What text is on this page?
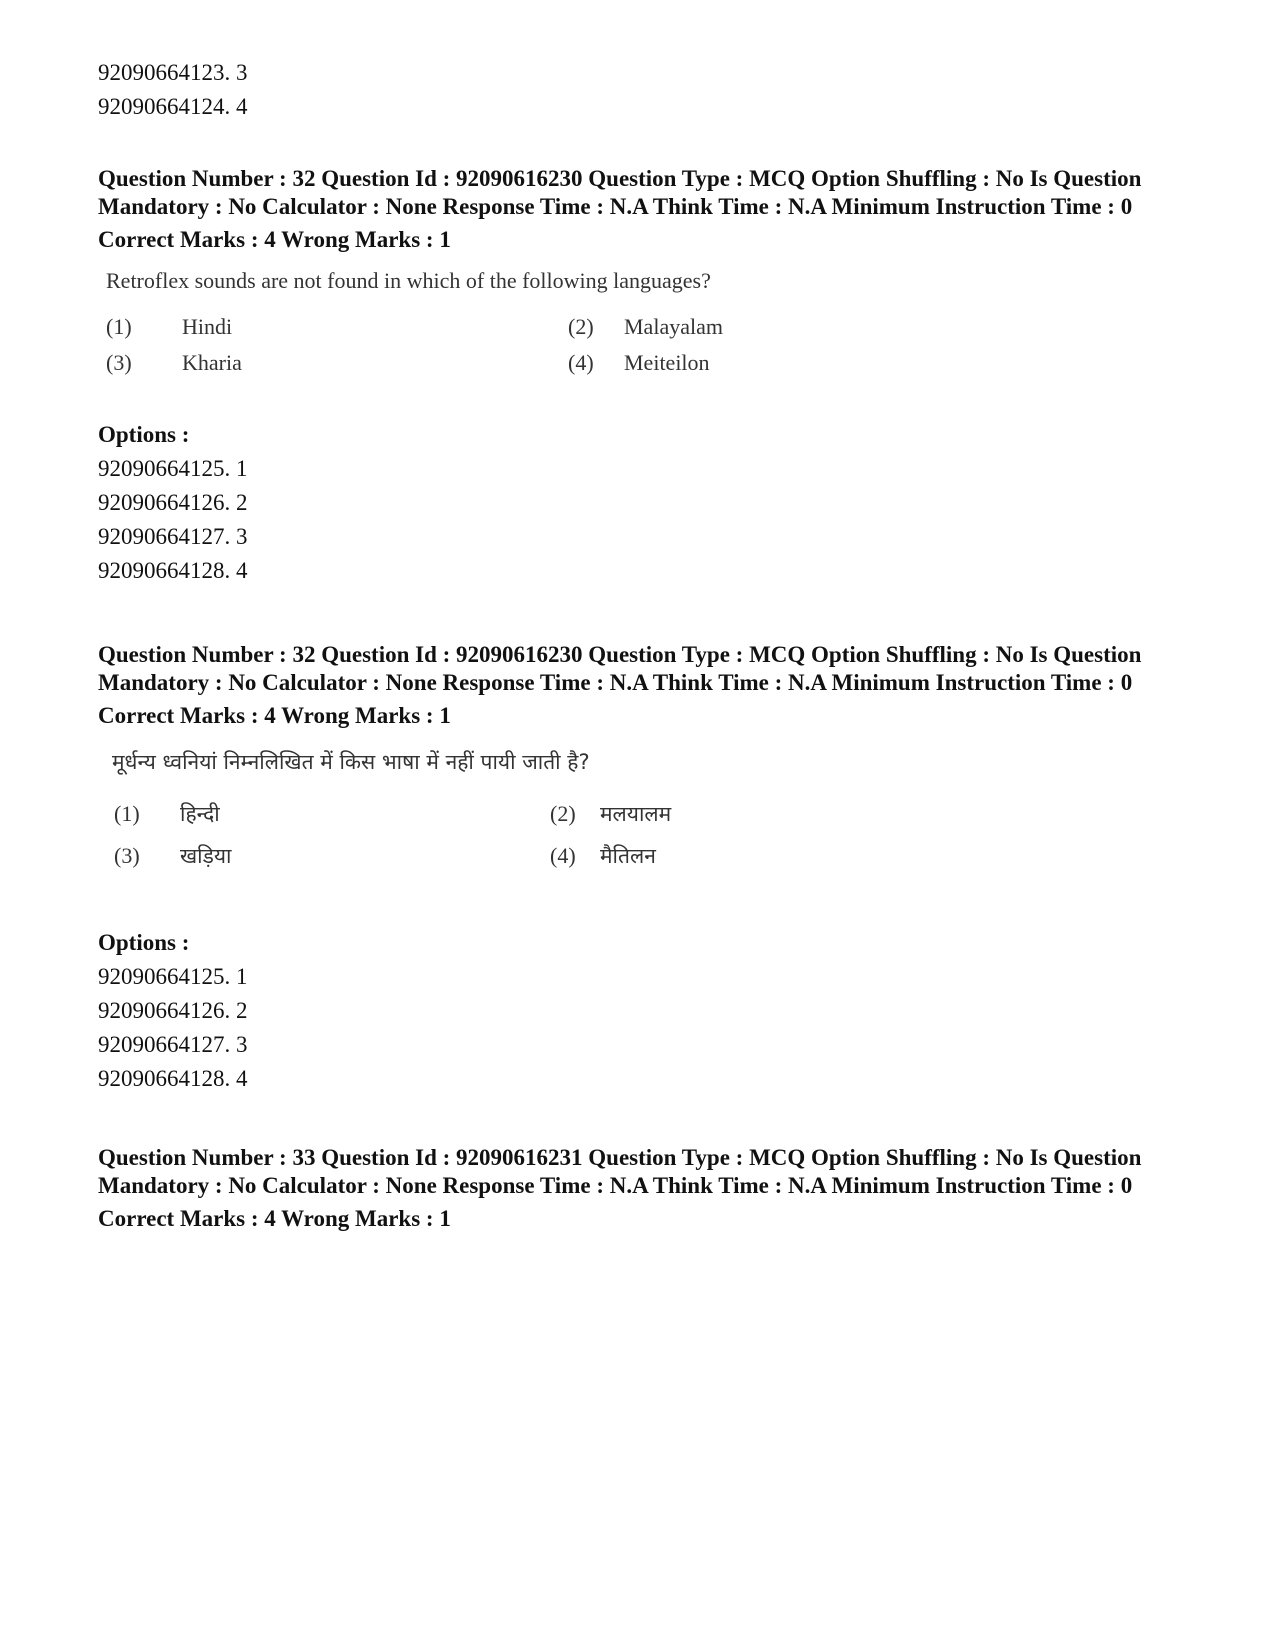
92090664123. 3

92090664124. 4

Question Number : 32 Question Id : 92090616230 Question Type : MCQ Option Shuffling : No Is Question Mandatory : No Calculator : None Response Time : N.A Think Time : N.A Minimum Instruction Time : 0

Correct Marks : 4 Wrong Marks : 1

Retroflex sounds are not found in which of the following languages?

(1) Hindi	(2) Malayalam
(3) Kharia	(4) Meiteilon

Options :

92090664125. 1

92090664126. 2

92090664127. 3

92090664128. 4

Question Number : 32 Question Id : 92090616230 Question Type : MCQ Option Shuffling : No Is Question Mandatory : No Calculator : None Response Time : N.A Think Time : N.A Minimum Instruction Time : 0

Correct Marks : 4 Wrong Marks : 1

मूर्धन्य ध्वनियां निम्नलिखित में किस भाषा में नहीं पायी जाती है?

(1) हिन्दी	(2) मलयालम
(3) खड़िया	(4) मैतिलन

Options :

92090664125. 1

92090664126. 2

92090664127. 3

92090664128. 4

Question Number : 33 Question Id : 92090616231 Question Type : MCQ Option Shuffling : No Is Question Mandatory : No Calculator : None Response Time : N.A Think Time : N.A Minimum Instruction Time : 0

Correct Marks : 4 Wrong Marks : 1
